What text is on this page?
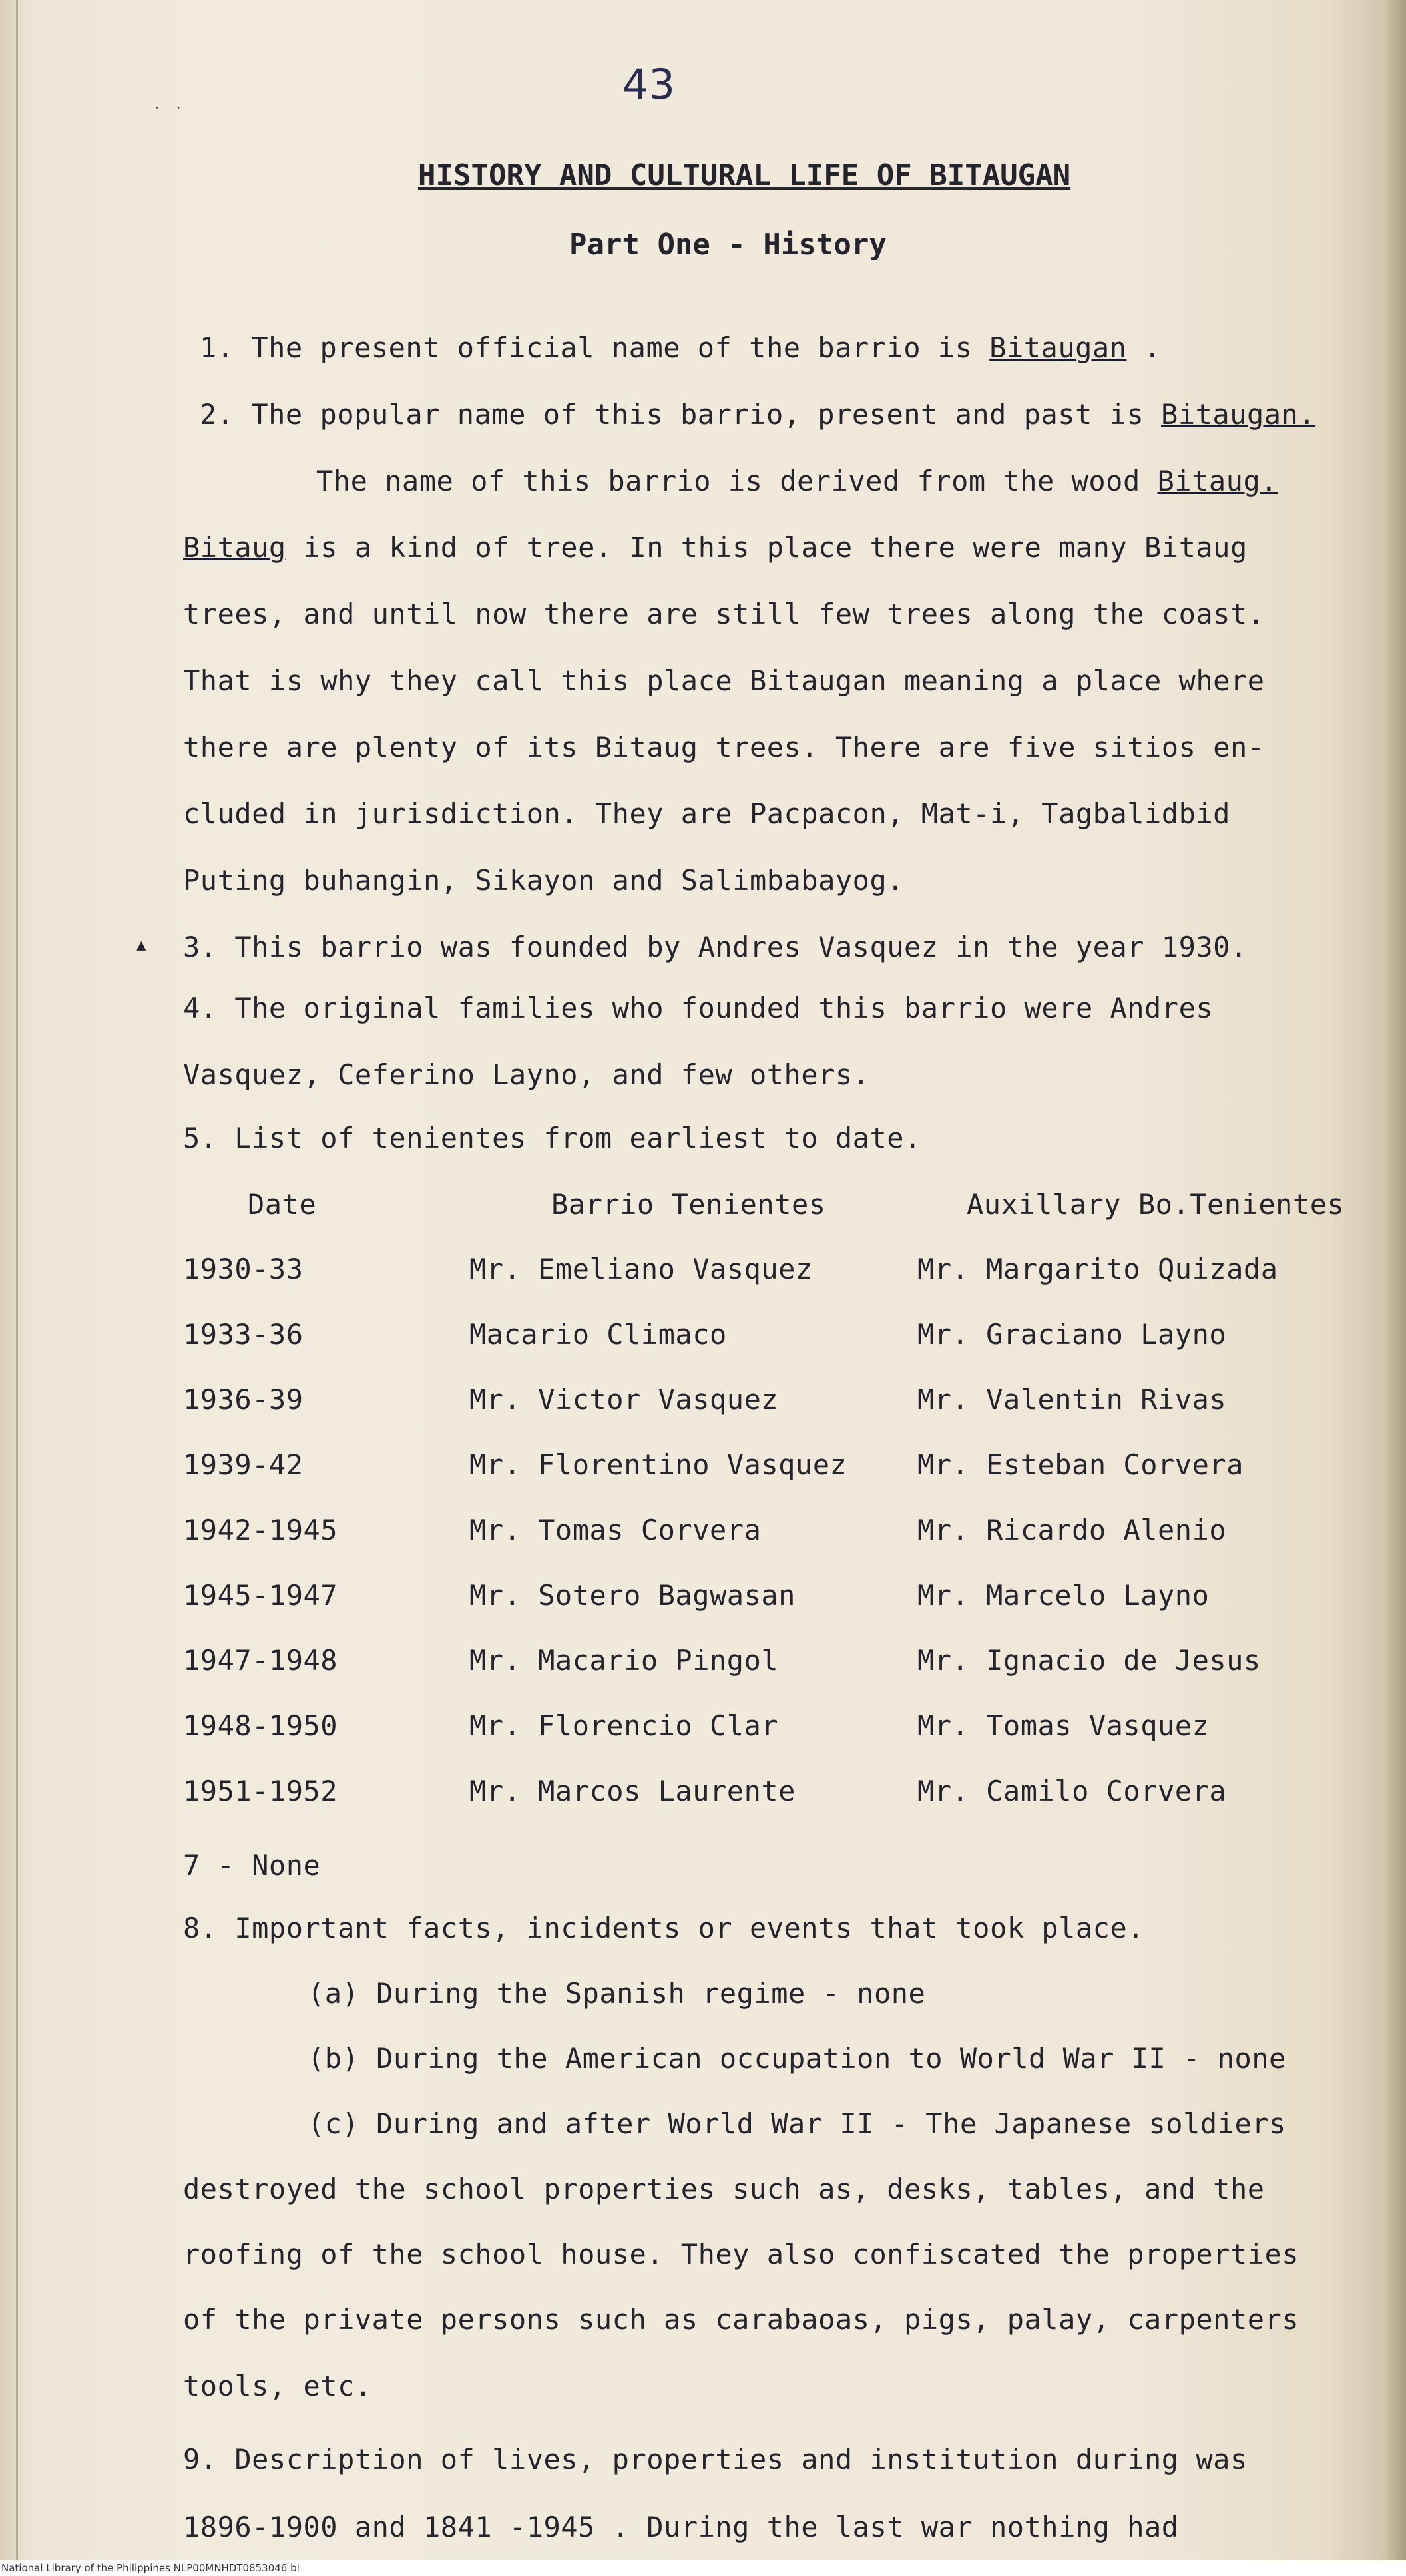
· ·	43
HISTORY AND CULTURAL LIFE OF BITAUGAN
Part One - History
1. The present official name of the barrio is Bitaugan .
2. The popular name of this barrio, present and past is Bitaugan.
The name of this barrio is derived from the wood Bitaug.
Bitaug is a kind of tree. In this place there were many Bitaug
trees, and until now there are still few trees along the coast.
That is why they call this place Bitaugan meaning a place where
there are plenty of its Bitaug trees. There are five sitios en-
cluded in jurisdiction. They are Pacpacon, Mat-i, Tagbalidbid
Puting buhangin, Sikayon and Salimbabayog.
▲ 3. This barrio was founded by Andres Vasquez in the year 1930.
4. The original families who founded this barrio were Andres
Vasquez, Ceferino Layno, and few others.
5. List of tenientes from earliest to date.
Date	Barrio Tenientes	Auxillary Bo.Tenientes
1930-33	Mr. Emeliano Vasquez	Mr. Margarito Quizada
1933-36	Macario Climaco	Mr. Graciano Layno
1936-39	Mr. Victor Vasquez	Mr. Valentin Rivas
1939-42	Mr. Florentino Vasquez	Mr. Esteban Corvera
1942-1945	Mr. Tomas Corvera	Mr. Ricardo Alenio
1945-1947	Mr. Sotero Bagwasan	Mr. Marcelo Layno
1947-1948	Mr. Macario Pingol	Mr. Ignacio de Jesus
1948-1950	Mr. Florencio Clar	Mr. Tomas Vasquez
1951-1952	Mr. Marcos Laurente	Mr. Camilo Corvera
7 - None
8. Important facts, incidents or events that took place.
(a) During the Spanish regime - none
(b) During the American occupation to World War II - none
(c) During and after World War II - The Japanese soldiers
destroyed the school properties such as, desks, tables, and the
roofing of the school house. They also confiscated the properties
of the private persons such as carabaoas, pigs, palay, carpenters
tools, etc.
9. Description of lives, properties and institution during was
1896-1900 and 1841 -1945 . During the last war nothing had
National Library of the Philippines NLP00MNHDT0853046 bl
